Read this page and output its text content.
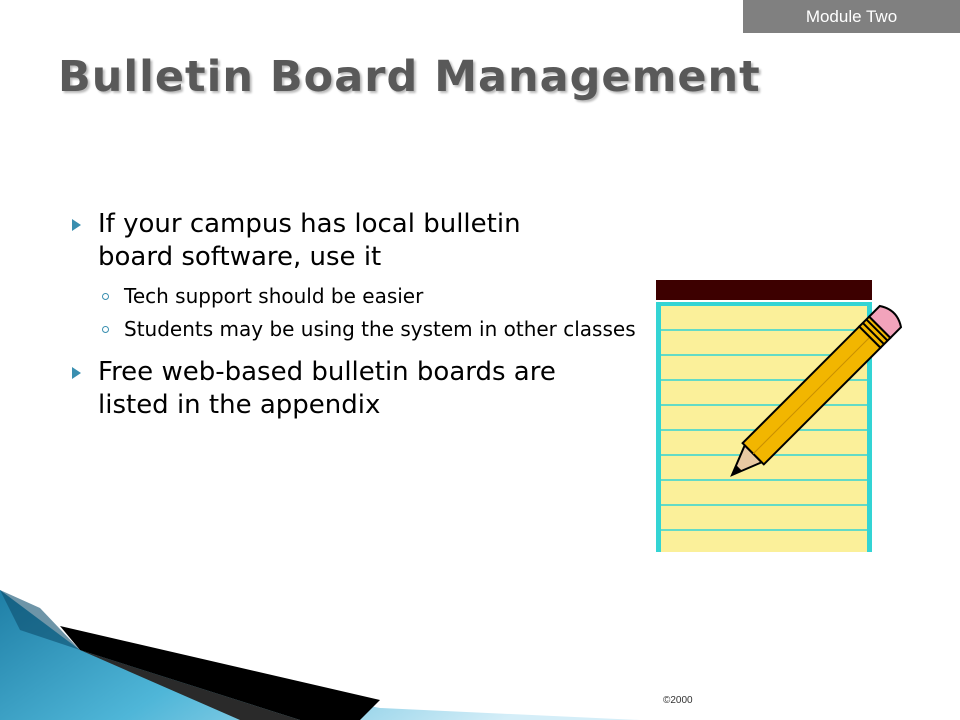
Module Two
Bulletin Board Management
If your campus has local bulletin board software, use it
Tech support should be easier
Students may be using the system in other classes
Free web-based bulletin boards are listed in the appendix
©2000
